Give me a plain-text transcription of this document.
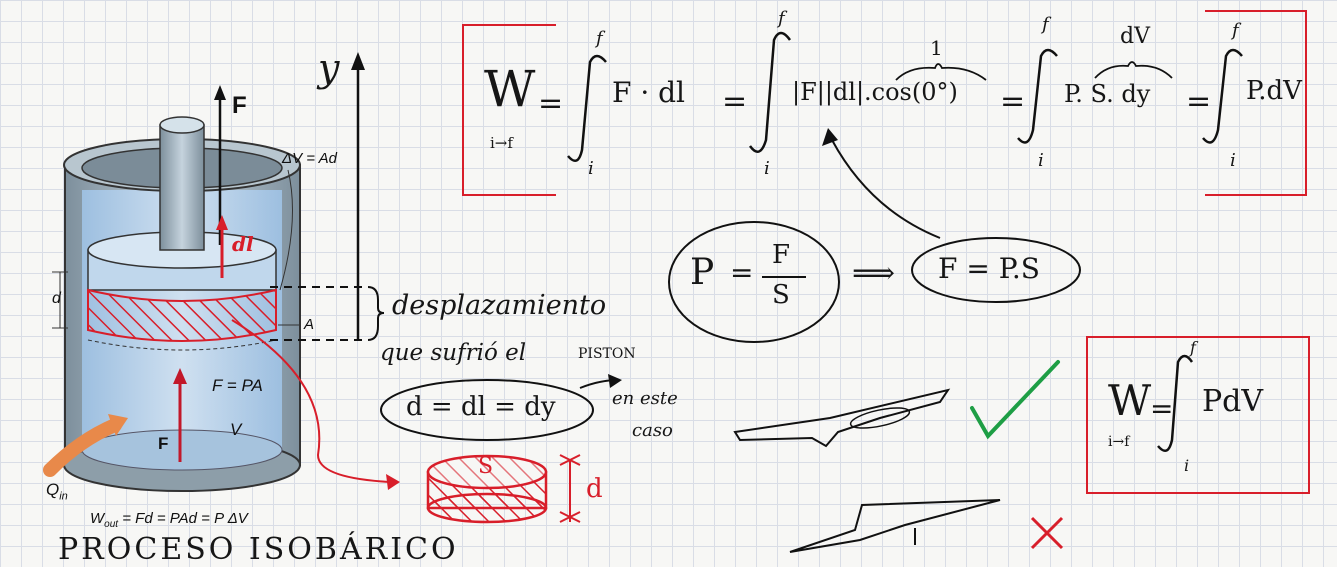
F
ΔV = Ad
d
A
F = PA
V
F
$Q_{in}$
$W_{out} = Fd$ = PAd = P ΔV
dl
y
desplazamiento
que sufrió el	PISTON
d = dl = dy	en este
caso
S
d
PROCESO ISOBÁRICO
W
i→f
=
f
i
F · dl =
f
i
1
|F||dl|.cos(0°) =
f
i
dV
P. S. dy =
f
i
P.dV
P =
F
S
⟹ F = P.S
W
i→f
=
f
i
PdV
